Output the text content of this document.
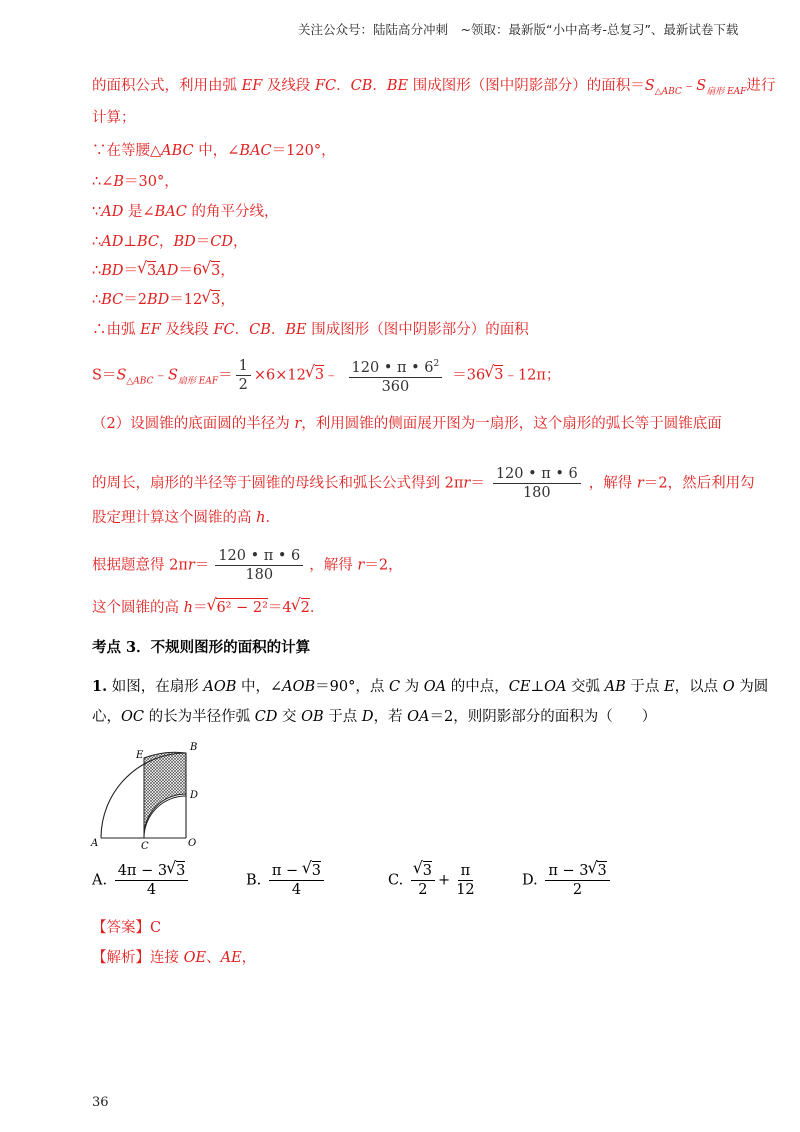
关注公众号：陆陆高分冲刺　~领取：最新版“小中高考-总复习”、最新试卷下载
的面积公式，利用由弧 EF 及线段 FC．CB．BE 围成图形（图中阴影部分）的面积$=S_{\triangle ABC}﹣S_{扇形 EAF}$进行
计算；
∵在等腰△ABC 中，∠BAC＝120°，
∴∠B＝30°，
∵AD 是∠BAC 的角平分线，
∴AD⊥BC，BD＝CD，
∴BD＝√ 3AD＝6√ 3，
∴BC＝2BD＝12√ 3，
∴由弧 EF 及线段 FC．CB．BE 围成图形（图中阴影部分）的面积
$S=S_{\triangle ABC}﹣S_{扇形 EAF}= \frac{1}{2} \times 6\times 12√$ 3﹣ $\frac{120 • \pi • 6^2}{360} =36√$ 3﹣12π；
（2）设圆锥的底面圆的半径为 r，利用圆锥的侧面展开图为一扇形，这个扇形的弧长等于圆锥底面
的周长，扇形的半径等于圆锥的母线长和弧长公式得到 $2\pi r= \frac{120 • \pi • 6}{180}$ ，解得 r＝2，然后利用勾
股定理计算这个圆锥的高 h．
根据题意得 $2\pi r= \frac{120 • \pi • 6}{180}$ ，解得 r＝2，
这个圆锥的高 h＝√ 6² − 2²＝4√ 2．
考点 3．不规则图形的面积的计算
1. 如图，在扇形 AOB 中，∠AOB＝90°，点 C 为 OA 的中点，CE⊥OA 交弧 AB 于点 E，以点 O 为圆
心，OC 的长为半径作弧 CD 交 OB 于点 D，若 OA＝2，则阴影部分的面积为（　　）
A
B
C
D
E
O
A. $\frac{4\pi - 3√ 3}{4}$	B. $\frac{\pi - √ 3}{4}$	C.
√ $\frac{3}{2} + \frac{\pi}{12}$	D. $\frac{\pi - 3√ 3}{2}$
【答案】C
【解析】连接 OE、AE，
36
